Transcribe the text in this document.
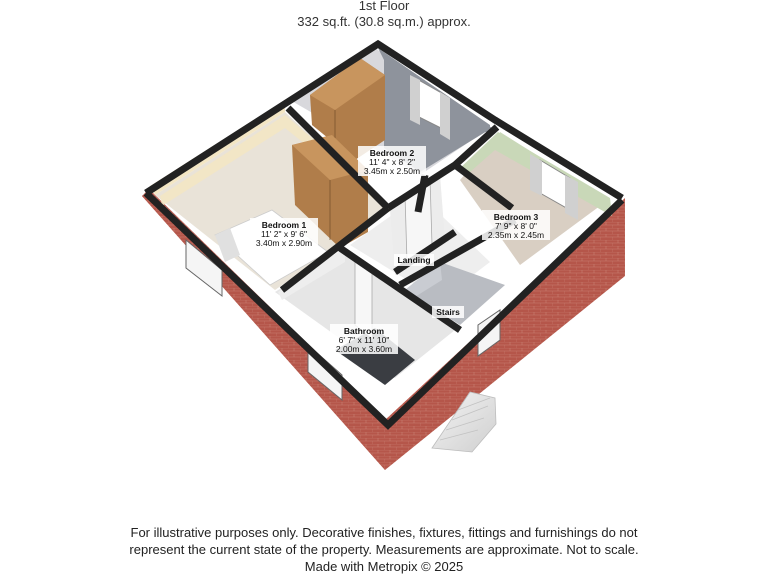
1st Floor
332 sq.ft. (30.8 sq.m.) approx.
Bedroom 2
11' 4" x 8' 2"
3.45m x 2.50m
Bedroom 1
11' 2" x 9' 6"
3.40m x 2.90m
Bedroom 3
7' 9" x 8' 0"
2.35m x 2.45m
Bathroom
6' 7" x 11' 10"
2.00m x 3.60m
Landing
Stairs
For illustrative purposes only. Decorative finishes, fixtures, fittings and furnishings do not
represent the current state of the property. Measurements are approximate. Not to scale.
Made with Metropix © 2025
